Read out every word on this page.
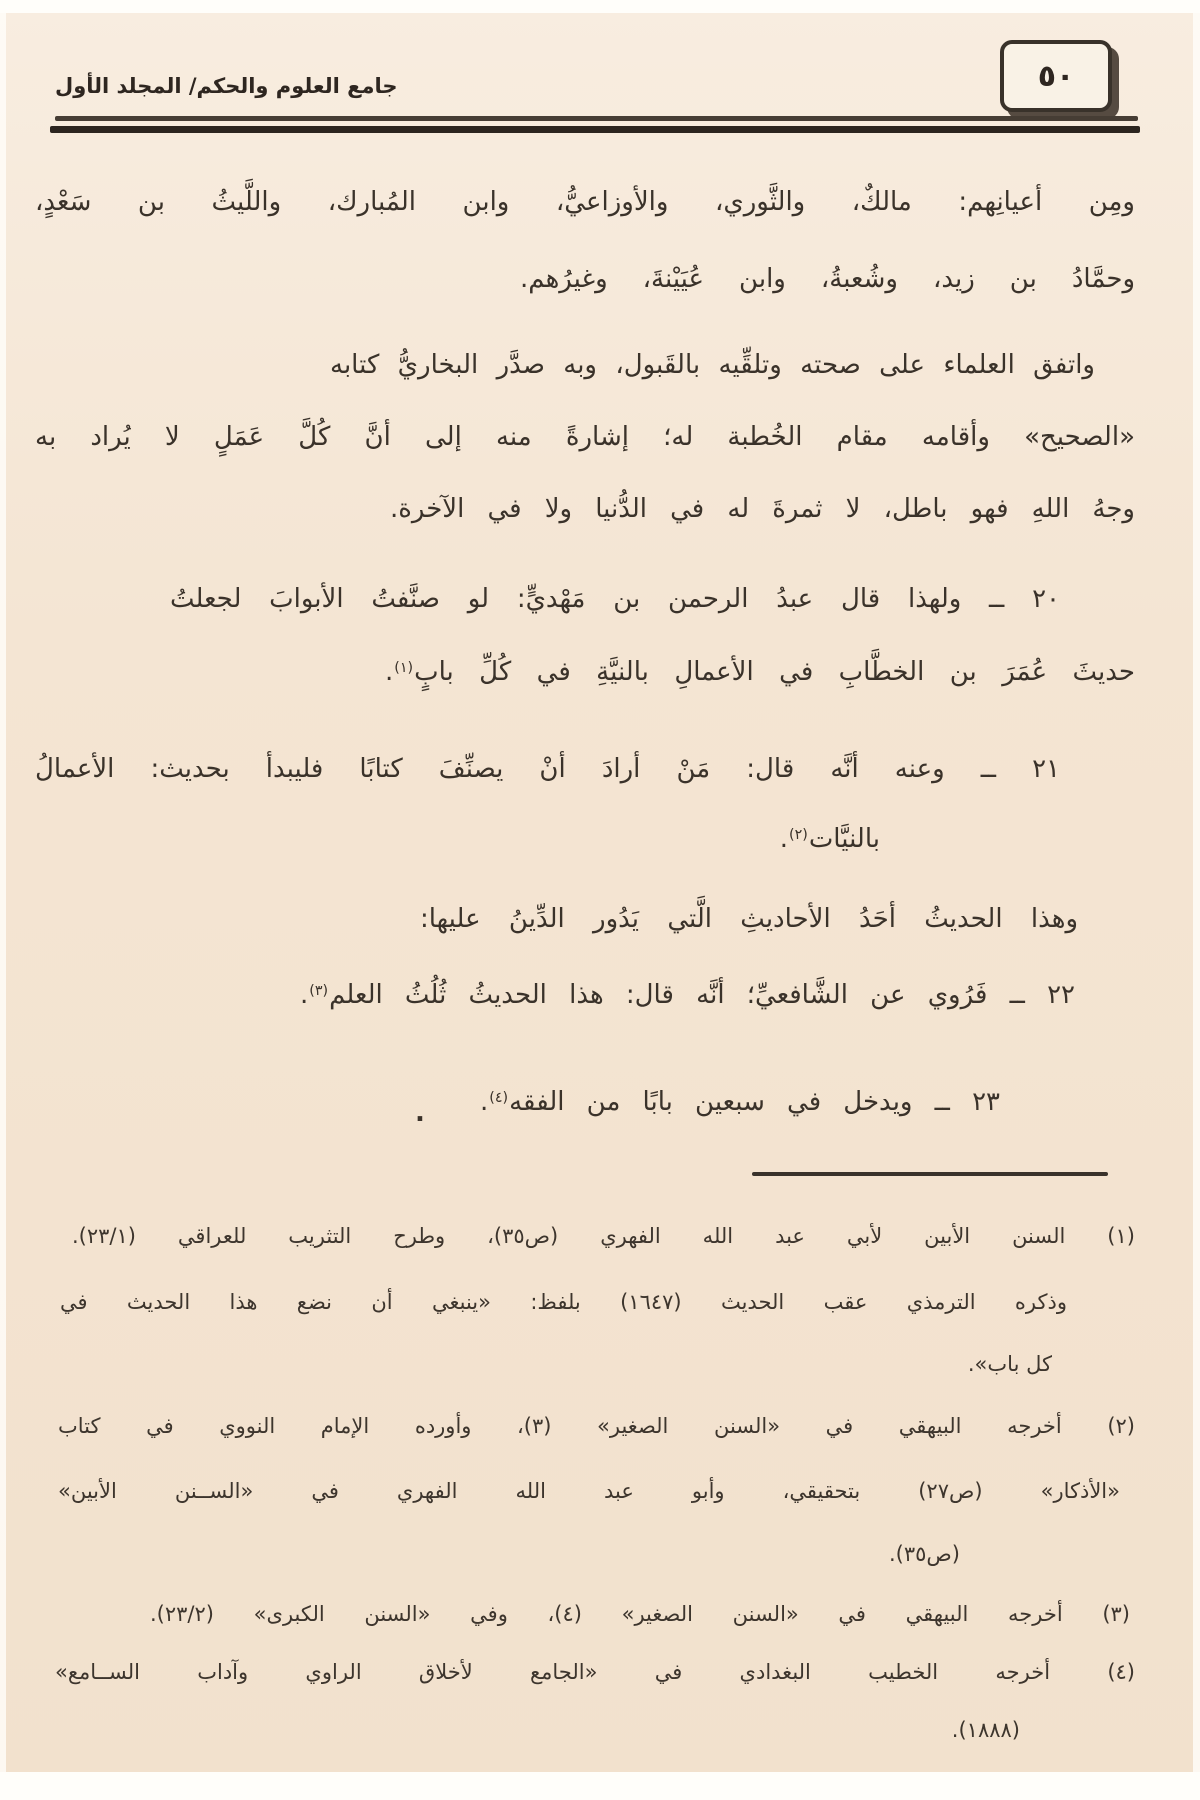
جامع العلوم والحكم/ المجلد الأول	٥٠
ومِن أعيانِهم: مالكٌ، والثَّوري، والأوزاعيُّ، وابن المُبارك، واللَّيثُ بن سَعْدٍ،
وحمَّادُ بن زيد، وشُعبةُ، وابن عُيَيْنةَ، وغيرُهم.
واتفق العلماء على صحته وتلقِّيه بالقَبول، وبه صدَّر البخاريُّ كتابه
«الصحيح» وأقامه مقام الخُطبة له؛ إشارةً منه إلى أنَّ كُلَّ عَمَلٍ لا يُراد به
وجهُ اللهِ فهو باطل، لا ثمرةَ له في الدُّنيا ولا في الآخرة.
٢٠ ــ ولهذا قال عبدُ الرحمن بن مَهْديٍّ: لو صنَّفتُ الأبوابَ لجعلتُ
حديثَ عُمَرَ بن الخطَّابِ في الأعمالِ بالنيَّةِ في كُلِّ بابٍ$^{(١)}$.
٢١ ــ وعنه أنَّه قال: مَنْ أرادَ أنْ يصنِّفَ كتابًا فليبدأ بحديث: الأعمالُ
بالنيَّات$^{(٢)}$.
وهذا الحديثُ أحَدُ الأحاديثِ الَّتي يَدُور الدِّينُ عليها:
٢٢ ــ فَرُوي عن الشَّافعيِّ؛ أنَّه قال: هذا الحديثُ ثُلُثُ العلم$^{(٣)}$.
٢٣ ــ ويدخل في سبعين بابًا من الفقه$^{(٤)}$.
.
(١) السنن الأبين لأبي عبد الله الفهري (ص٣٥)، وطرح التثريب للعراقي (٢٣/١).
وذكره الترمذي عقب الحديث (١٦٤٧) بلفظ: «ينبغي أن نضع هذا الحديث في
كل باب».
(٢) أخرجه البيهقي في «السنن الصغير» (٣)، وأورده الإمام النووي في كتاب
«الأذكار» (ص٢٧) بتحقيقي، وأبو عبد الله الفهري في «الســنن الأبين»
(ص٣٥).
(٣) أخرجه البيهقي في «السنن الصغير» (٤)، وفي «السنن الكبرى» (٢٣/٢).
(٤) أخرجه الخطيب البغدادي في «الجامع لأخلاق الراوي وآداب الســامع»
(١٨٨٨).
